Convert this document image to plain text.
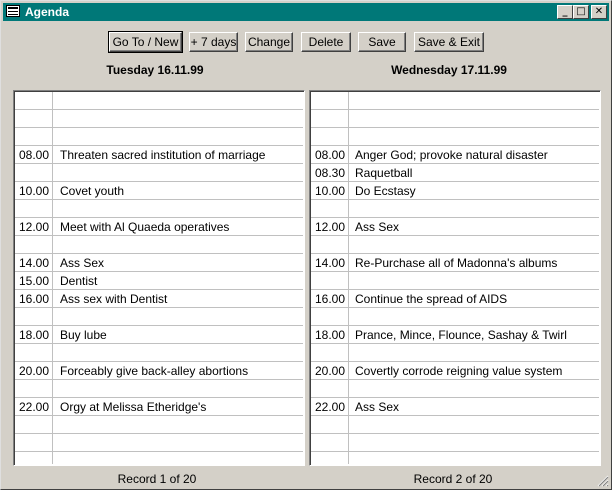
Agenda	_ □ ✕
Go To / New + 7 days Change	Delete	Save	Save & Exit
Tuesday 16.11.99	Wednesday 17.11.99
08.00 Threaten sacred institution of marriage
10.00 Covet youth
12.00 Meet with Al Quaeda operatives
14.00 Ass Sex
15.00 Dentist
16.00 Ass sex with Dentist
18.00 Buy lube
20.00 Forceably give back-alley abortions
22.00 Orgy at Melissa Etheridge's
08.00 Anger God; provoke natural disaster
08.30 Raquetball
10.00 Do Ecstasy
12.00 Ass Sex
14.00 Re-Purchase all of Madonna's albums
16.00 Continue the spread of AIDS
18.00 Prance, Mince, Flounce, Sashay & Twirl
20.00 Covertly corrode reigning value system
22.00 Ass Sex
Record 1 of 20	Record 2 of 20
